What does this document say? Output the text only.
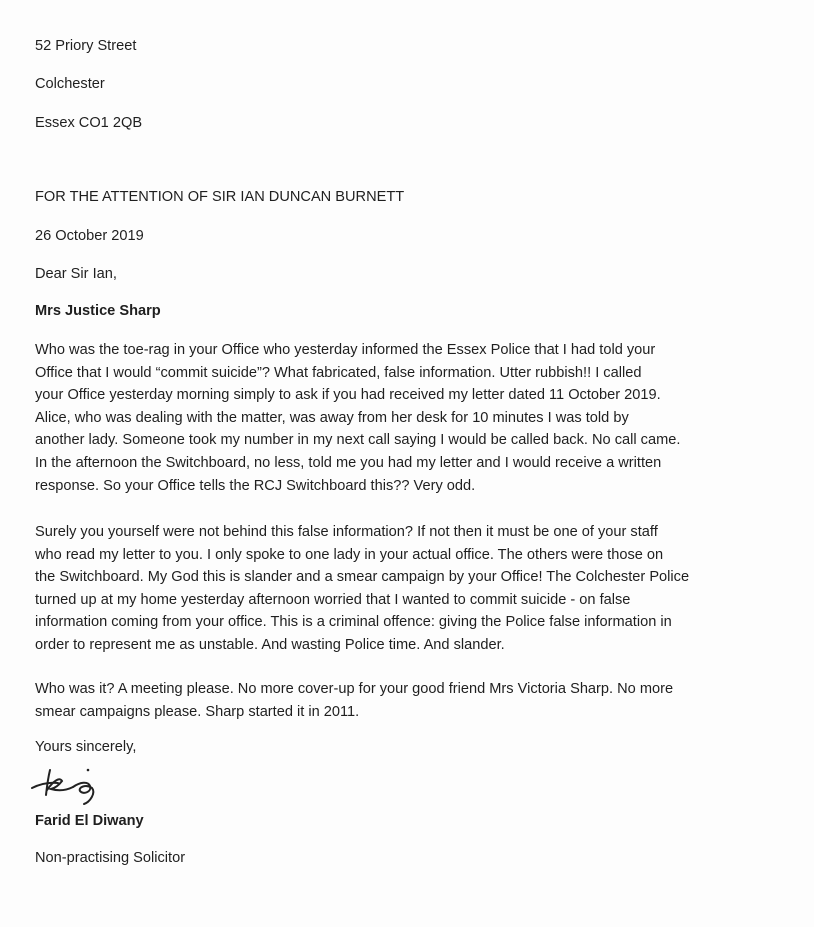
52 Priory Street
Colchester
Essex CO1 2QB
FOR THE ATTENTION OF SIR IAN DUNCAN BURNETT
26 October 2019
Dear Sir Ian,
Mrs Justice Sharp
Who was the toe-rag in your Office who yesterday informed the Essex Police that I had told your
Office that I would “commit suicide”? What fabricated, false information. Utter rubbish!! I called
your Office yesterday morning simply to ask if you had received my letter dated 11 October 2019.
Alice, who was dealing with the matter, was away from her desk for 10 minutes I was told by
another lady. Someone took my number in my next call saying I would be called back. No call came.
In the afternoon the Switchboard, no less, told me you had my letter and I would receive a written
response. So your Office tells the RCJ Switchboard this?? Very odd.
Surely you yourself were not behind this false information? If not then it must be one of your staff
who read my letter to you. I only spoke to one lady in your actual office. The others were those on
the Switchboard. My God this is slander and a smear campaign by your Office! The Colchester Police
turned up at my home yesterday afternoon worried that I wanted to commit suicide - on false
information coming from your office. This is a criminal offence: giving the Police false information in
order to represent me as unstable. And wasting Police time. And slander.
Who was it? A meeting please. No more cover-up for your good friend Mrs Victoria Sharp. No more
smear campaigns please. Sharp started it in 2011.
Yours sincerely,
Farid El Diwany
Non-practising Solicitor
